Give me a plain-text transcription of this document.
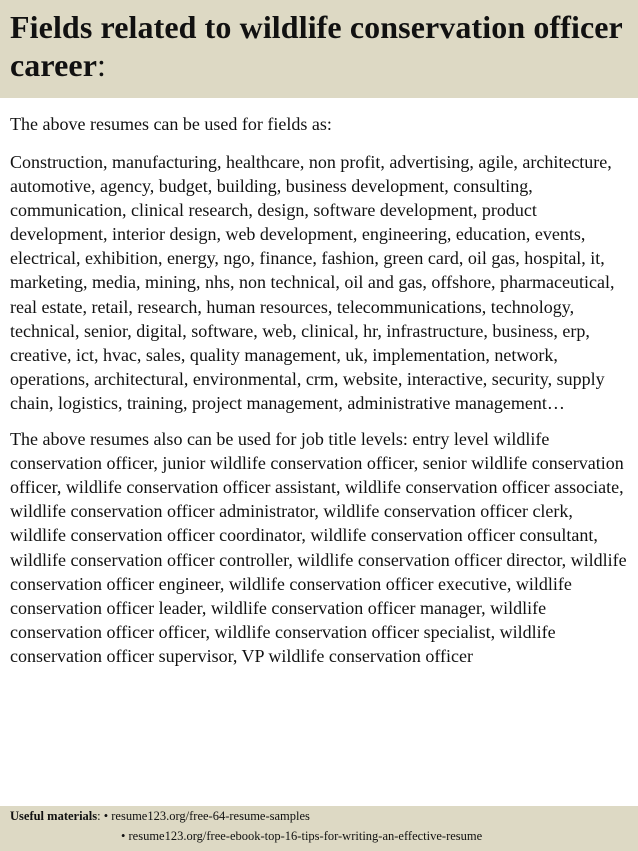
Fields related to wildlife conservation officer career:

The above resumes can be used for fields as:

Construction, manufacturing, healthcare, non profit, advertising, agile, architecture, automotive, agency, budget, building, business development, consulting, communication, clinical research, design, software development, product development, interior design, web development, engineering, education, events, electrical, exhibition, energy, ngo, finance, fashion, green card, oil gas, hospital, it, marketing, media, mining, nhs, non technical, oil and gas, offshore, pharmaceutical, real estate, retail, research, human resources, telecommunications, technology, technical, senior, digital, software, web, clinical, hr, infrastructure, business, erp, creative, ict, hvac, sales, quality management, uk, implementation, network, operations, architectural, environmental, crm, website, interactive, security, supply chain, logistics, training, project management, administrative management…

The above resumes also can be used for job title levels: entry level wildlife conservation officer, junior wildlife conservation officer, senior wildlife conservation officer, wildlife conservation officer assistant, wildlife conservation officer associate, wildlife conservation officer administrator, wildlife conservation officer clerk, wildlife conservation officer coordinator, wildlife conservation officer consultant, wildlife conservation officer controller, wildlife conservation officer director, wildlife conservation officer engineer, wildlife conservation officer executive, wildlife conservation officer leader, wildlife conservation officer manager, wildlife conservation officer officer, wildlife conservation officer specialist, wildlife conservation officer supervisor, VP wildlife conservation officer

Useful materials: • resume123.org/free-64-resume-samples
• resume123.org/free-ebook-top-16-tips-for-writing-an-effective-resume
